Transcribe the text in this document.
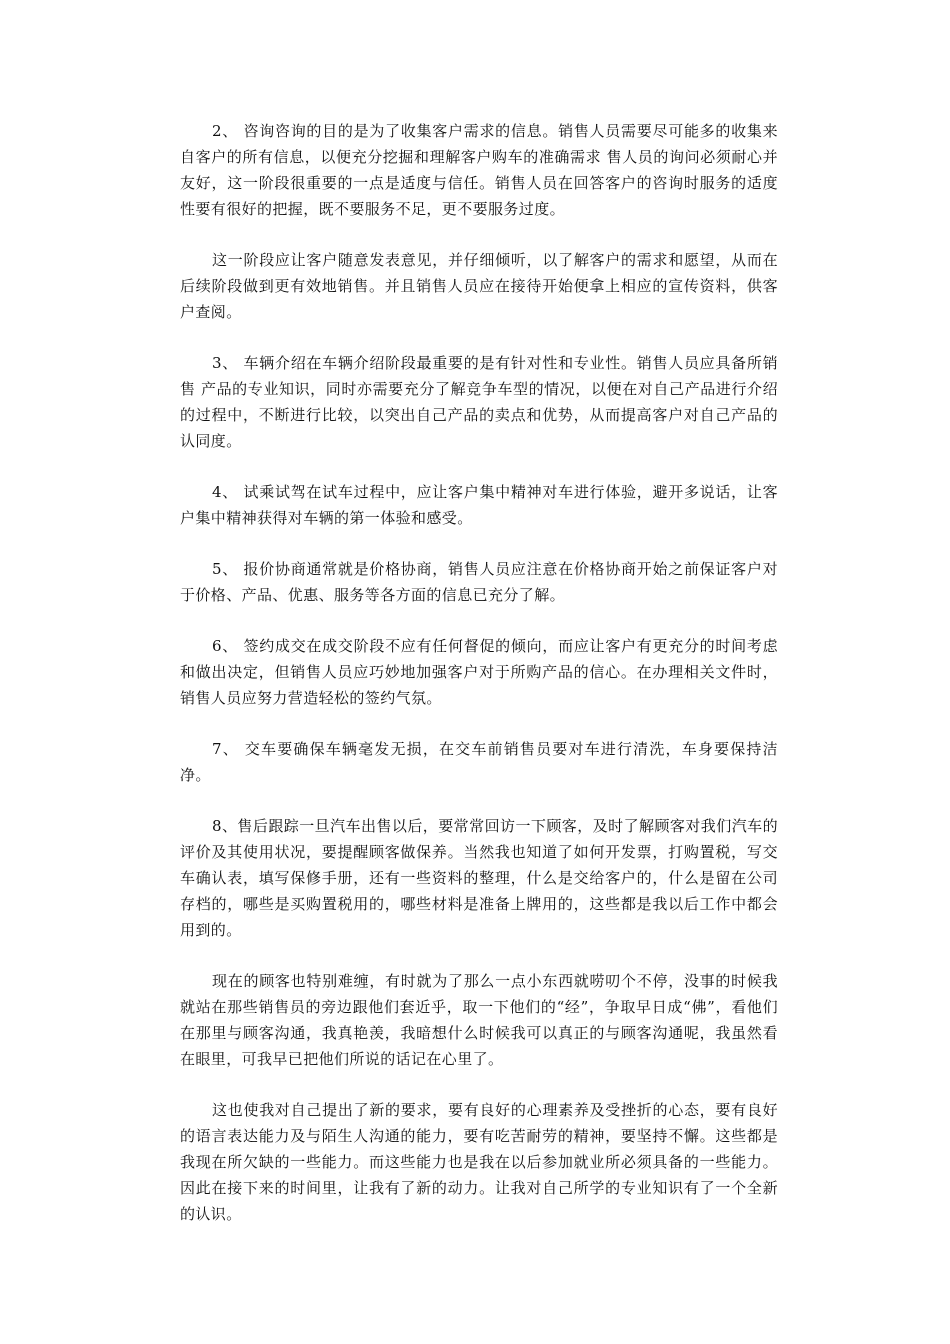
2、 咨询咨询的目的是为了收集客户需求的信息。销售人员需要尽可能多的收集来自客户的所有信息，以便充分挖掘和理解客户购车的准确需求 售人员的询问必须耐心并友好，这一阶段很重要的一点是适度与信任。销售人员在回答客户的咨询时服务的适度性要有很好的把握，既不要服务不足，更不要服务过度。

这一阶段应让客户随意发表意见，并仔细倾听，以了解客户的需求和愿望，从而在后续阶段做到更有效地销售。并且销售人员应在接待开始便拿上相应的宣传资料，供客户查阅。

3、 车辆介绍在车辆介绍阶段最重要的是有针对性和专业性。销售人员应具备所销售 产品的专业知识，同时亦需要充分了解竞争车型的情况，以便在对自己产品进行介绍的过程中，不断进行比较，以突出自己产品的卖点和优势，从而提高客户对自己产品的认同度。

4、 试乘试驾在试车过程中，应让客户集中精神对车进行体验，避开多说话，让客户集中精神获得对车辆的第一体验和感受。

5、 报价协商通常就是价格协商，销售人员应注意在价格协商开始之前保证客户对于价格、产品、优惠、服务等各方面的信息已充分了解。

6、 签约成交在成交阶段不应有任何督促的倾向，而应让客户有更充分的时间考虑和做出决定，但销售人员应巧妙地加强客户对于所购产品的信心。在办理相关文件时，销售人员应努力营造轻松的签约气氛。

7、 交车要确保车辆毫发无损，在交车前销售员要对车进行清洗，车身要保持洁净。

8、售后跟踪一旦汽车出售以后，要常常回访一下顾客，及时了解顾客对我们汽车的评价及其使用状况，要提醒顾客做保养。当然我也知道了如何开发票，打购置税，写交车确认表，填写保修手册，还有一些资料的整理，什么是交给客户的，什么是留在公司存档的，哪些是买购置税用的，哪些材料是准备上牌用的，这些都是我以后工作中都会用到的。

现在的顾客也特别难缠，有时就为了那么一点小东西就唠叨个不停，没事的时候我就站在那些销售员的旁边跟他们套近乎，取一下他们的“经”，争取早日成“佛”，看他们在那里与顾客沟通，我真艳羡，我暗想什么时候我可以真正的与顾客沟通呢，我虽然看在眼里，可我早已把他们所说的话记在心里了。

这也使我对自己提出了新的要求，要有良好的心理素养及受挫折的心态，要有良好的语言表达能力及与陌生人沟通的能力，要有吃苦耐劳的精神，要坚持不懈。这些都是我现在所欠缺的一些能力。而这些能力也是我在以后参加就业所必须具备的一些能力。因此在接下来的时间里，让我有了新的动力。让我对自己所学的专业知识有了一个全新的认识。
